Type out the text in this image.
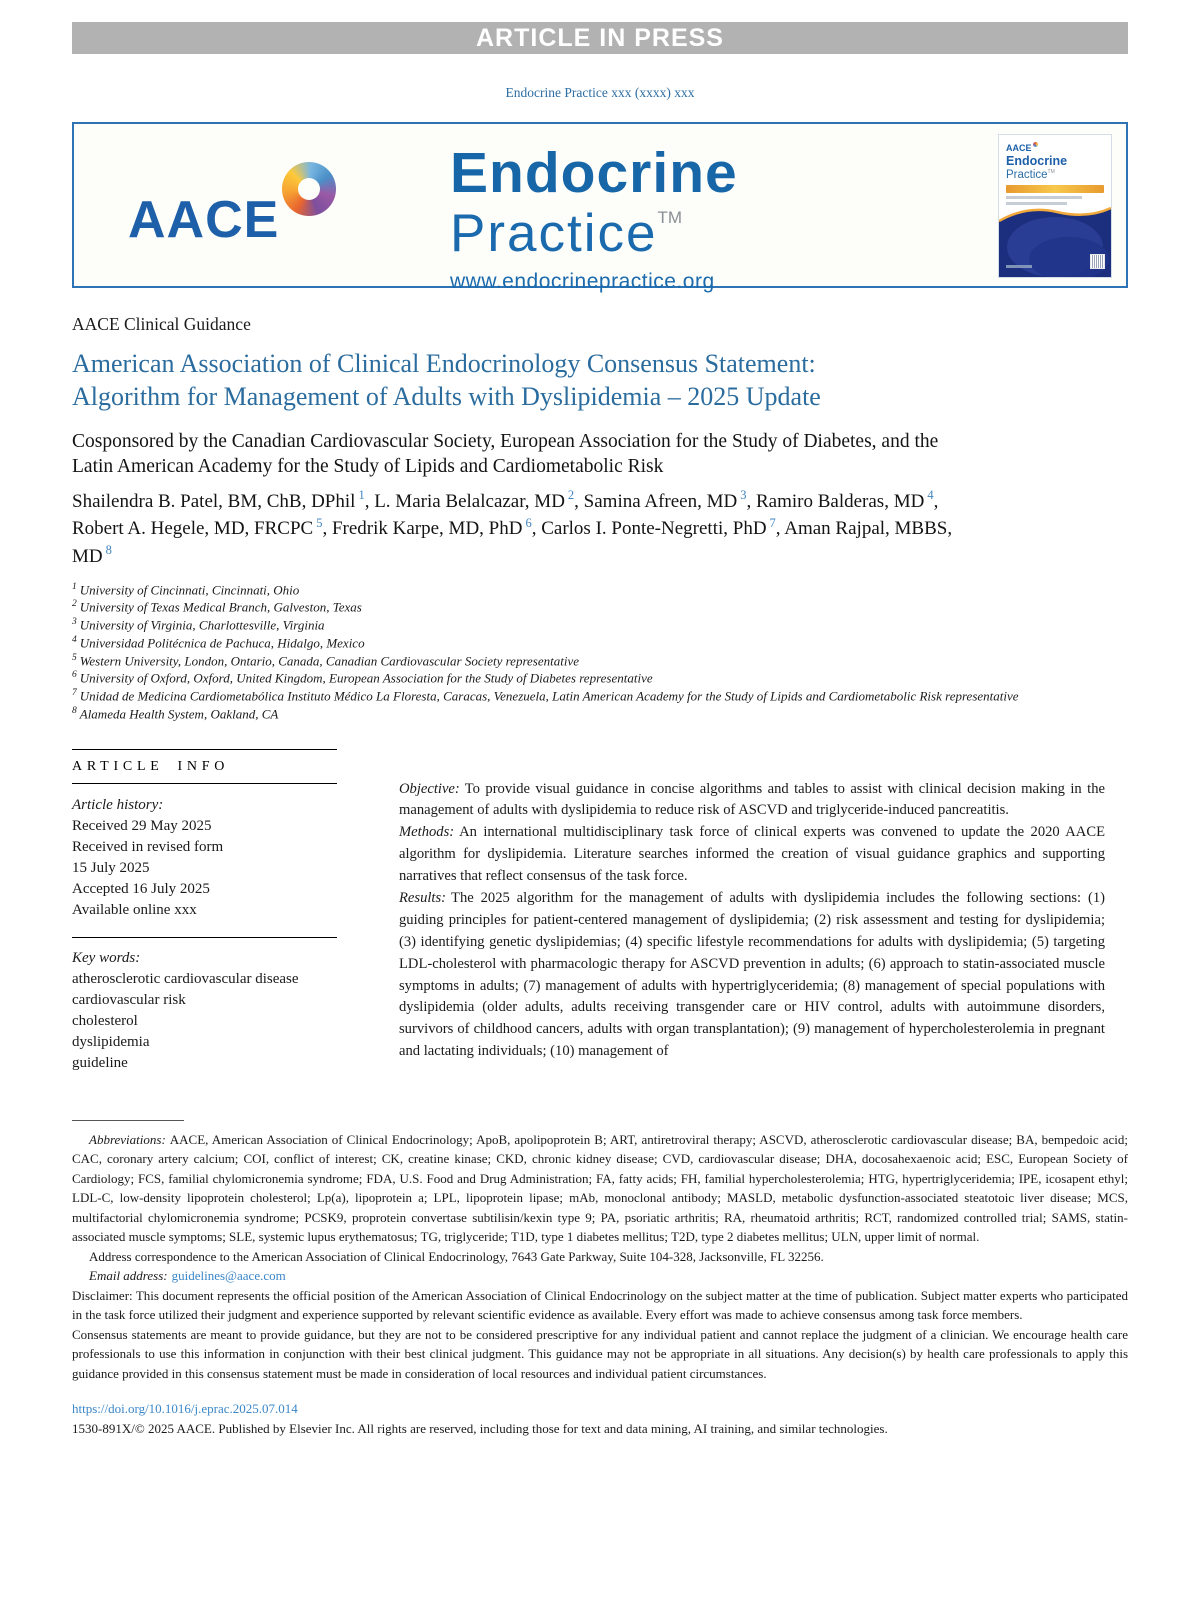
ARTICLE IN PRESS
Endocrine Practice xxx (xxxx) xxx
AACE
Endocrine
Practice™
www.endocrinepractice.org
AACE
Endocrine
Practice™
AACE Clinical Guidance
American Association of Clinical Endocrinology Consensus Statement:
Algorithm for Management of Adults with Dyslipidemia – 2025 Update
Cosponsored by the Canadian Cardiovascular Society, European Association for the Study of Diabetes, and the Latin American Academy for the Study of Lipids and Cardiometabolic Risk
Shailendra B. Patel, BM, ChB, DPhil $^1$, L. Maria Belalcazar, MD $^2$, Samina Afreen, MD $^3$, Ramiro Balderas, MD $^4$, Robert A. Hegele, MD, FRCPC $^5$, Fredrik Karpe, MD, PhD $^6$, Carlos I. Ponte-Negretti, PhD $^7$, Aman Rajpal, MBBS, MD $^8$
$^1$ University of Cincinnati, Cincinnati, Ohio
$^2$ University of Texas Medical Branch, Galveston, Texas
$^3$ University of Virginia, Charlottesville, Virginia
$^4$ Universidad Politécnica de Pachuca, Hidalgo, Mexico
$^5$ Western University, London, Ontario, Canada, Canadian Cardiovascular Society representative
$^6$ University of Oxford, Oxford, United Kingdom, European Association for the Study of Diabetes representative
$^7$ Unidad de Medicina Cardiometabólica Instituto Médico La Floresta, Caracas, Venezuela, Latin American Academy for the Study of Lipids and Cardiometabolic Risk representative
$^8$ Alameda Health System, Oakland, CA
ARTICLE INFO
Article history:
Received 29 May 2025
Received in revised form
15 July 2025
Accepted 16 July 2025
Available online xxx
Key words:
atherosclerotic cardiovascular disease
cardiovascular risk
cholesterol
dyslipidemia
guideline

Objective: To provide visual guidance in concise algorithms and tables to assist with clinical decision making in the management of adults with dyslipidemia to reduce risk of ASCVD and triglyceride-induced pancreatitis.

Methods: An international multidisciplinary task force of clinical experts was convened to update the 2020 AACE algorithm for dyslipidemia. Literature searches informed the creation of visual guidance graphics and supporting narratives that reflect consensus of the task force.

Results: The 2025 algorithm for the management of adults with dyslipidemia includes the following sections: (1) guiding principles for patient-centered management of dyslipidemia; (2) risk assessment and testing for dyslipidemia; (3) identifying genetic dyslipidemias; (4) specific lifestyle recommendations for adults with dyslipidemia; (5) targeting LDL-cholesterol with pharmacologic therapy for ASCVD prevention in adults; (6) approach to statin-associated muscle symptoms in adults; (7) management of adults with hypertriglyceridemia; (8) management of special populations with dyslipidemia (older adults, adults receiving transgender care or HIV control, adults with autoimmune disorders, survivors of childhood cancers, adults with organ transplantation); (9) management of hypercholesterolemia in pregnant and lactating individuals; (10) management of

Abbreviations: AACE, American Association of Clinical Endocrinology; ApoB, apolipoprotein B; ART, antiretroviral therapy; ASCVD, atherosclerotic cardiovascular disease; BA, bempedoic acid; CAC, coronary artery calcium; COI, conflict of interest; CK, creatine kinase; CKD, chronic kidney disease; CVD, cardiovascular disease; DHA, docosahexaenoic acid; ESC, European Society of Cardiology; FCS, familial chylomicronemia syndrome; FDA, U.S. Food and Drug Administration; FA, fatty acids; FH, familial hypercholesterolemia; HTG, hypertriglyceridemia; IPE, icosapent ethyl; LDL-C, low-density lipoprotein cholesterol; Lp(a), lipoprotein a; LPL, lipoprotein lipase; mAb, monoclonal antibody; MASLD, metabolic dysfunction-associated steatotoic liver disease; MCS, multifactorial chylomicronemia syndrome; PCSK9, proprotein convertase subtilisin/kexin type 9; PA, psoriatic arthritis; RA, rheumatoid arthritis; RCT, randomized controlled trial; SAMS, statin-associated muscle symptoms; SLE, systemic lupus erythematosus; TG, triglyceride; T1D, type 1 diabetes mellitus; T2D, type 2 diabetes mellitus; ULN, upper limit of normal.
Address correspondence to the American Association of Clinical Endocrinology, 7643 Gate Parkway, Suite 104-328, Jacksonville, FL 32256.
Email address: guidelines@aace.com
Disclaimer: This document represents the official position of the American Association of Clinical Endocrinology on the subject matter at the time of publication. Subject matter experts who participated in the task force utilized their judgment and experience supported by relevant scientific evidence as available. Every effort was made to achieve consensus among task force members.
Consensus statements are meant to provide guidance, but they are not to be considered prescriptive for any individual patient and cannot replace the judgment of a clinician. We encourage health care professionals to use this information in conjunction with their best clinical judgment. This guidance may not be appropriate in all situations. Any decision(s) by health care professionals to apply this guidance provided in this consensus statement must be made in consideration of local resources and individual patient circumstances.
https://doi.org/10.1016/j.eprac.2025.07.014
1530-891X/© 2025 AACE. Published by Elsevier Inc. All rights are reserved, including those for text and data mining, AI training, and similar technologies.
